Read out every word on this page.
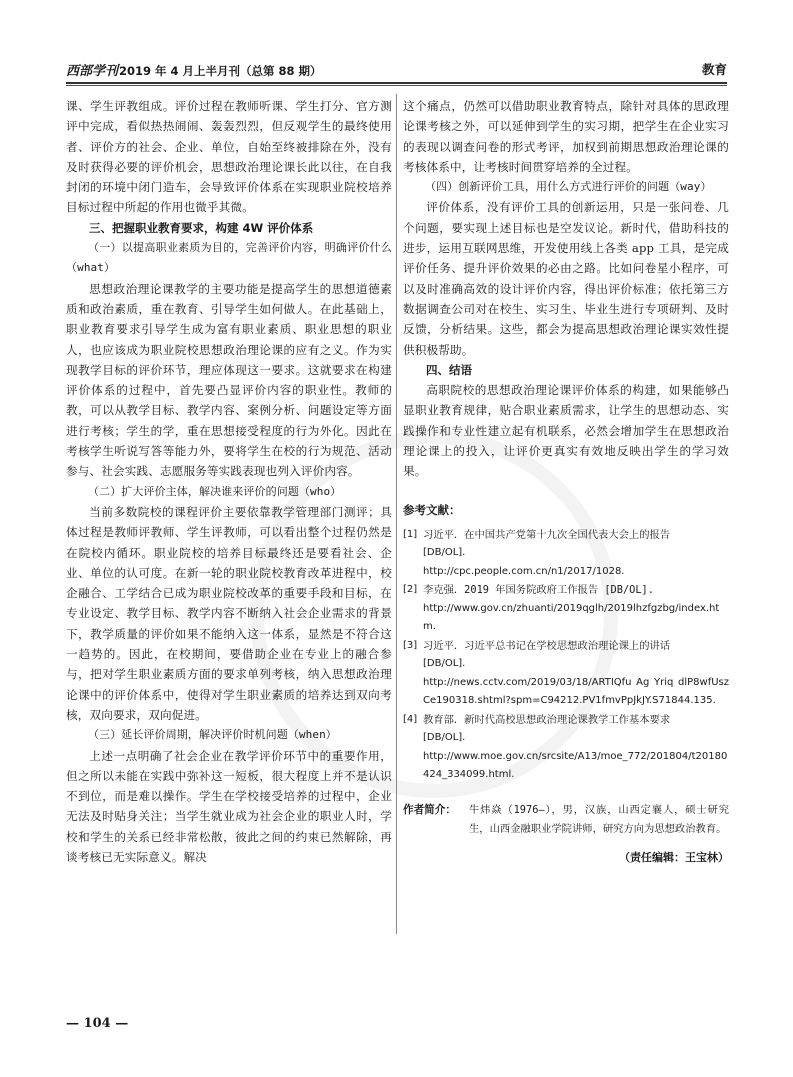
西部学刊2019 年 4 月上半月刊（总第 88 期）	教育

课、学生评教组成。评价过程在教师听课、学生打分、官方测评中完成，看似热热闹闹、轰轰烈烈，但反观学生的最终使用者、评价方的社会、企业、单位，自始至终被排除在外，没有及时获得必要的评价机会，思想政治理论课长此以往，在自我封闭的环境中闭门造车，会导致评价体系在实现职业院校培养目标过程中所起的作用也微乎其微。

三、把握职业教育要求，构建 4W 评价体系
（一）以提高职业素质为目的，完善评价内容，明确评价什么（what）

思想政治理论课教学的主要功能是提高学生的思想道德素质和政治素质，重在教育、引导学生如何做人。在此基础上，职业教育要求引导学生成为富有职业素质、职业思想的职业人，也应该成为职业院校思想政治理论课的应有之义。作为实现教学目标的评价环节，理应体现这一要求。这就要求在构建评价体系的过程中，首先要凸显评价内容的职业性。教师的教，可以从教学目标、教学内容、案例分析、问题设定等方面进行考核；学生的学，重在思想接受程度的行为外化。因此在考核学生听说写答等能力外，要将学生在校的行为规范、活动参与、社会实践、志愿服务等实践表现也列入评价内容。

（二）扩大评价主体，解决谁来评价的问题（who）

当前多数院校的课程评价主要依靠教学管理部门测评；具体过程是教师评教师、学生评教师，可以看出整个过程仍然是在院校内循环。职业院校的培养目标最终还是要看社会、企业、单位的认可度。在新一轮的职业院校教育改革进程中，校企融合、工学结合已成为职业院校改革的重要手段和目标，在专业设定、教学目标、教学内容不断纳入社会企业需求的背景下，教学质量的评价如果不能纳入这一体系，显然是不符合这一趋势的。因此，在校期间，要借助企业在专业上的融合参与，把对学生职业素质方面的要求单列考核，纳入思想政治理论课中的评价体系中，使得对学生职业素质的培养达到双向考核，双向要求，双向促进。

（三）延长评价周期，解决评价时机问题（when）

上述一点明确了社会企业在教学评价环节中的重要作用，但之所以未能在实践中弥补这一短板，很大程度上并不是认识不到位，而是难以操作。学生在学校接受培养的过程中，企业无法及时贴身关注；当学生就业成为社会企业的职业人时，学校和学生的关系已经非常松散，彼此之间的约束已然解除，再谈考核已无实际意义。解决

这个痛点，仍然可以借助职业教育特点，除针对具体的思政理论课考核之外，可以延伸到学生的实习期，把学生在企业实习的表现以调查问卷的形式考评，加权到前期思想政治理论课的考核体系中，让考核时间贯穿培养的全过程。

（四）创新评价工具，用什么方式进行评价的问题（way）

评价体系，没有评价工具的创新运用，只是一张问卷、几个问题，要实现上述目标也是空发议论。新时代，借助科技的进步，运用互联网思维，开发使用线上各类 app 工具，是完成评价任务、提升评价效果的必由之路。比如问卷星小程序，可以及时准确高效的设计评价内容，得出评价标准；依托第三方数据调查公司对在校生、实习生、毕业生进行专项研判、及时反馈，分析结果。这些，都会为提高思想政治理论课实效性提供积极帮助。

四、结语

高职院校的思想政治理论课评价体系的构建，如果能够凸显职业教育规律，贴合职业素质需求，让学生的思想动态、实践操作和专业性建立起有机联系，必然会增加学生在思想政治理论课上的投入，让评价更真实有效地反映出学生的学习效果。

参考文献：
[1] 习近平．在中国共产党第十九次全国代表大会上的报告
[DB/OL].
http://cpc.people.com.cn/n1/2017/1028.
[2] 李克强．2019 年国务院政府工作报告 [DB/OL].
http://www.gov.cn/zhuanti/2019qglh/2019lhzfgzbg/index.htm.
[3] 习近平．习近平总书记在学校思想政治理论课上的讲话
[DB/OL].
http://news.cctv.com/2019/03/18/ARTIQfu Ag Yriq dlP8wfUszCe190318.shtml?spm=C94212.PV1fmvPpJkJY.S71844.135.
[4] 教育部．新时代高校思想政治理论课教学工作基本要求
[DB/OL].
http://www.moe.gov.cn/srcsite/A13/moe_772/201804/t20180424_334099.html.
作者简介：	牛炜焱（1976—），男，汉族，山西定襄人，硕士研究生，山西金融职业学院讲师，研究方向为思想政治教育。
（责任编辑：王宝林）
— 104 —
